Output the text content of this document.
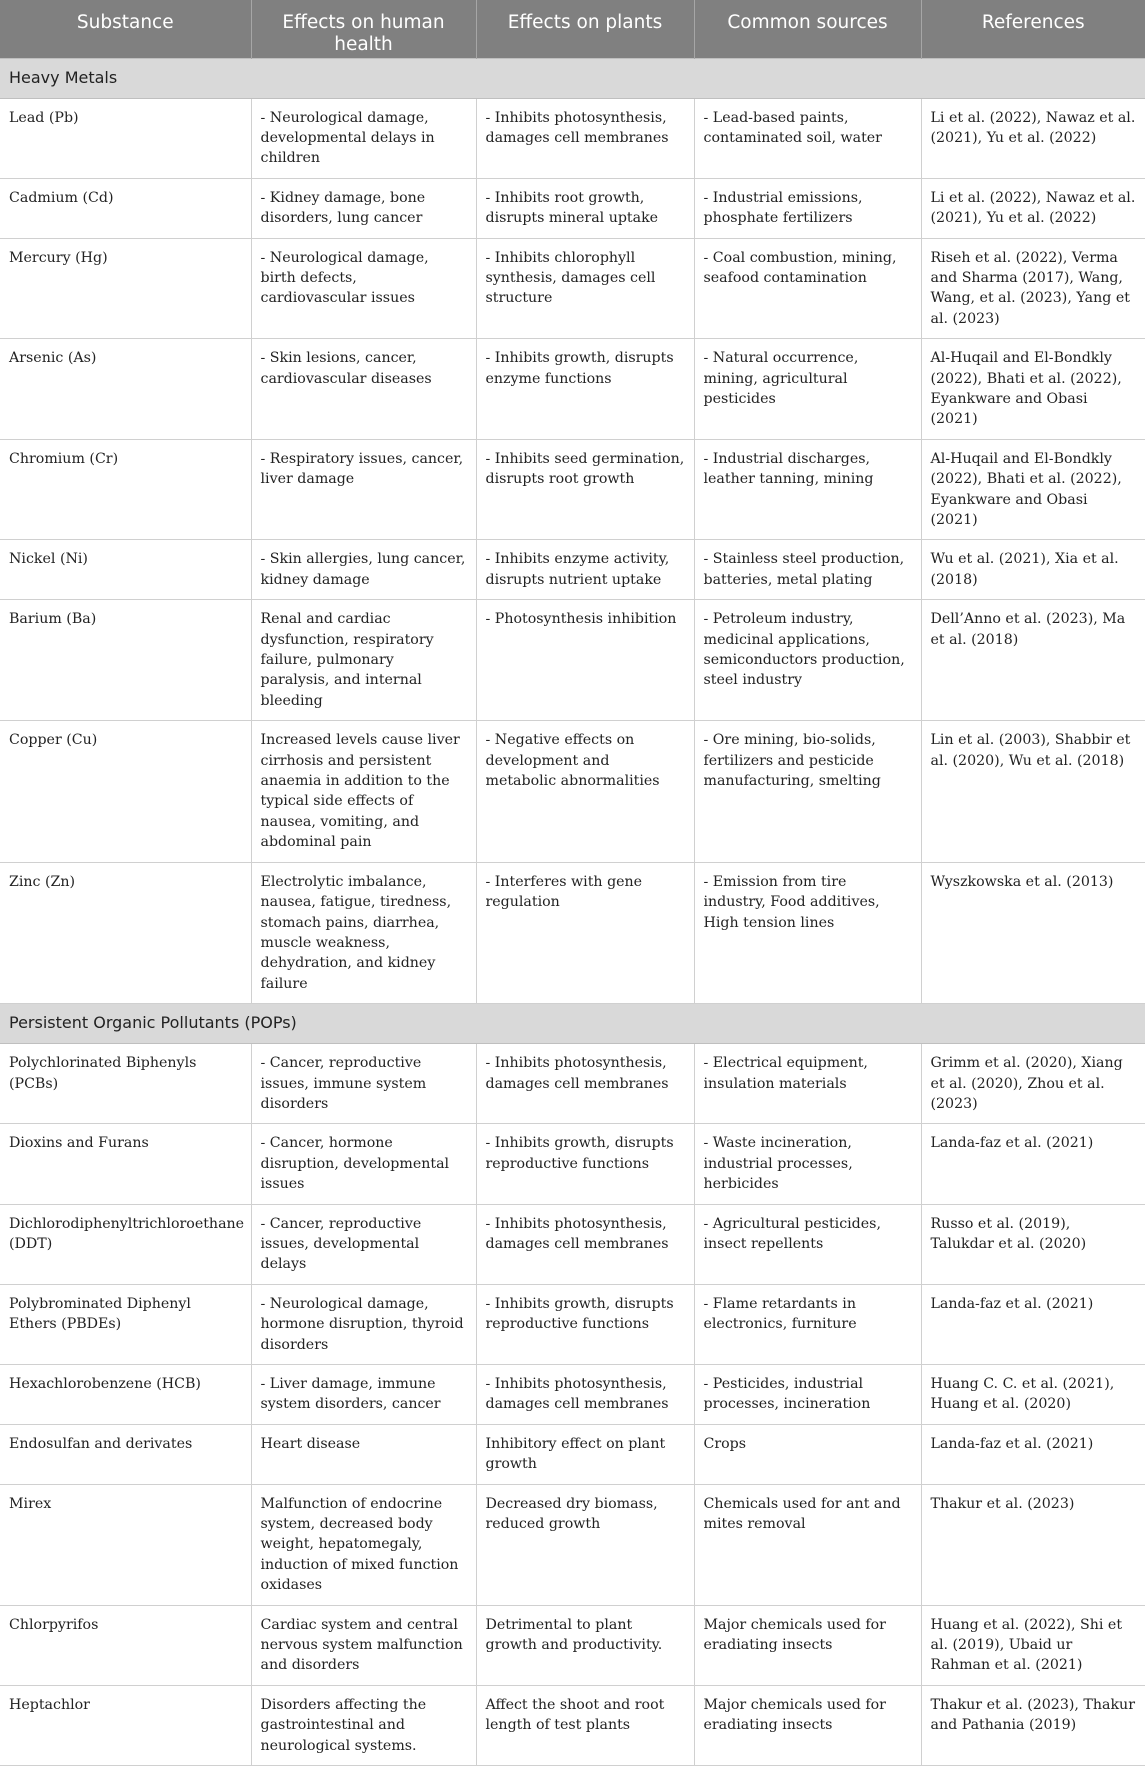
Substance	Effects on human health	Effects on plants	Common sources	References
Heavy Metals				
Lead (Pb)	- Neurological damage, developmental delays in children	- Inhibits photosynthesis, damages cell membranes	- Lead-based paints, contaminated soil, water	Li et al. (2022), Nawaz et al. (2021), Yu et al. (2022)
Cadmium (Cd)	- Kidney damage, bone disorders, lung cancer	- Inhibits root growth, disrupts mineral uptake	- Industrial emissions, phosphate fertilizers	Li et al. (2022), Nawaz et al. (2021), Yu et al. (2022)
Mercury (Hg)	- Neurological damage, birth defects, cardiovascular issues	- Inhibits chlorophyll synthesis, damages cell structure	- Coal combustion, mining, seafood contamination	Riseh et al. (2022), Verma and Sharma (2017), Wang, Wang, et al. (2023), Yang et al. (2023)
Arsenic (As)	- Skin lesions, cancer, cardiovascular diseases	- Inhibits growth, disrupts enzyme functions	- Natural occurrence, mining, agricultural pesticides	Al-Huqail and El-Bondkly (2022), Bhati et al. (2022), Eyankware and Obasi (2021)
Chromium (Cr)	- Respiratory issues, cancer, liver damage	- Inhibits seed germination, disrupts root growth	- Industrial discharges, leather tanning, mining	Al-Huqail and El-Bondkly (2022), Bhati et al. (2022), Eyankware and Obasi (2021)
Nickel (Ni)	- Skin allergies, lung cancer, kidney damage	- Inhibits enzyme activity, disrupts nutrient uptake	- Stainless steel production, batteries, metal plating	Wu et al. (2021), Xia et al. (2018)
Barium (Ba)	Renal and cardiac dysfunction, respiratory failure, pulmonary paralysis, and internal bleeding	- Photosynthesis inhibition	- Petroleum industry, medicinal applications, semiconductors production, steel industry	Dell’Anno et al. (2023), Ma et al. (2018)
Copper (Cu)	Increased levels cause liver cirrhosis and persistent anaemia in addition to the typical side effects of nausea, vomiting, and abdominal pain	- Negative effects on development and metabolic abnormalities	- Ore mining, bio-solids, fertilizers and pesticide manufacturing, smelting	Lin et al. (2003), Shabbir et al. (2020), Wu et al. (2018)
Zinc (Zn)	Electrolytic imbalance, nausea, fatigue, tiredness, stomach pains, diarrhea, muscle weakness, dehydration, and kidney failure	- Interferes with gene regulation	- Emission from tire industry, Food additives, High tension lines	Wyszkowska et al. (2013)
Persistent Organic Pollutants (POPs)				
Polychlorinated Biphenyls (PCBs)	- Cancer, reproductive issues, immune system disorders	- Inhibits photosynthesis, damages cell membranes	- Electrical equipment, insulation materials	Grimm et al. (2020), Xiang et al. (2020), Zhou et al. (2023)
Dioxins and Furans	- Cancer, hormone disruption, developmental issues	- Inhibits growth, disrupts reproductive functions	- Waste incineration, industrial processes, herbicides	Landa-faz et al. (2021)
Dichlorodiphenyltrichloroethane (DDT)	- Cancer, reproductive issues, developmental delays	- Inhibits photosynthesis, damages cell membranes	- Agricultural pesticides, insect repellents	Russo et al. (2019), Talukdar et al. (2020)
Polybrominated Diphenyl Ethers (PBDEs)	- Neurological damage, hormone disruption, thyroid disorders	- Inhibits growth, disrupts reproductive functions	- Flame retardants in electronics, furniture	Landa-faz et al. (2021)
Hexachlorobenzene (HCB)	- Liver damage, immune system disorders, cancer	- Inhibits photosynthesis, damages cell membranes	- Pesticides, industrial processes, incineration	Huang C. C. et al. (2021), Huang et al. (2020)
Endosulfan and derivates	Heart disease	Inhibitory effect on plant growth	Crops	Landa-faz et al. (2021)
Mirex	Malfunction of endocrine system, decreased body weight, hepatomegaly, induction of mixed function oxidases	Decreased dry biomass, reduced growth	Chemicals used for ant and mites removal	Thakur et al. (2023)
Chlorpyrifos	Cardiac system and central nervous system malfunction and disorders	Detrimental to plant growth and productivity.	Major chemicals used for eradiating insects	Huang et al. (2022), Shi et al. (2019), Ubaid ur Rahman et al. (2021)
Heptachlor	Disorders affecting the gastrointestinal and neurological systems.	Affect the shoot and root length of test plants	Major chemicals used for eradiating insects	Thakur et al. (2023), Thakur and Pathania (2019)
